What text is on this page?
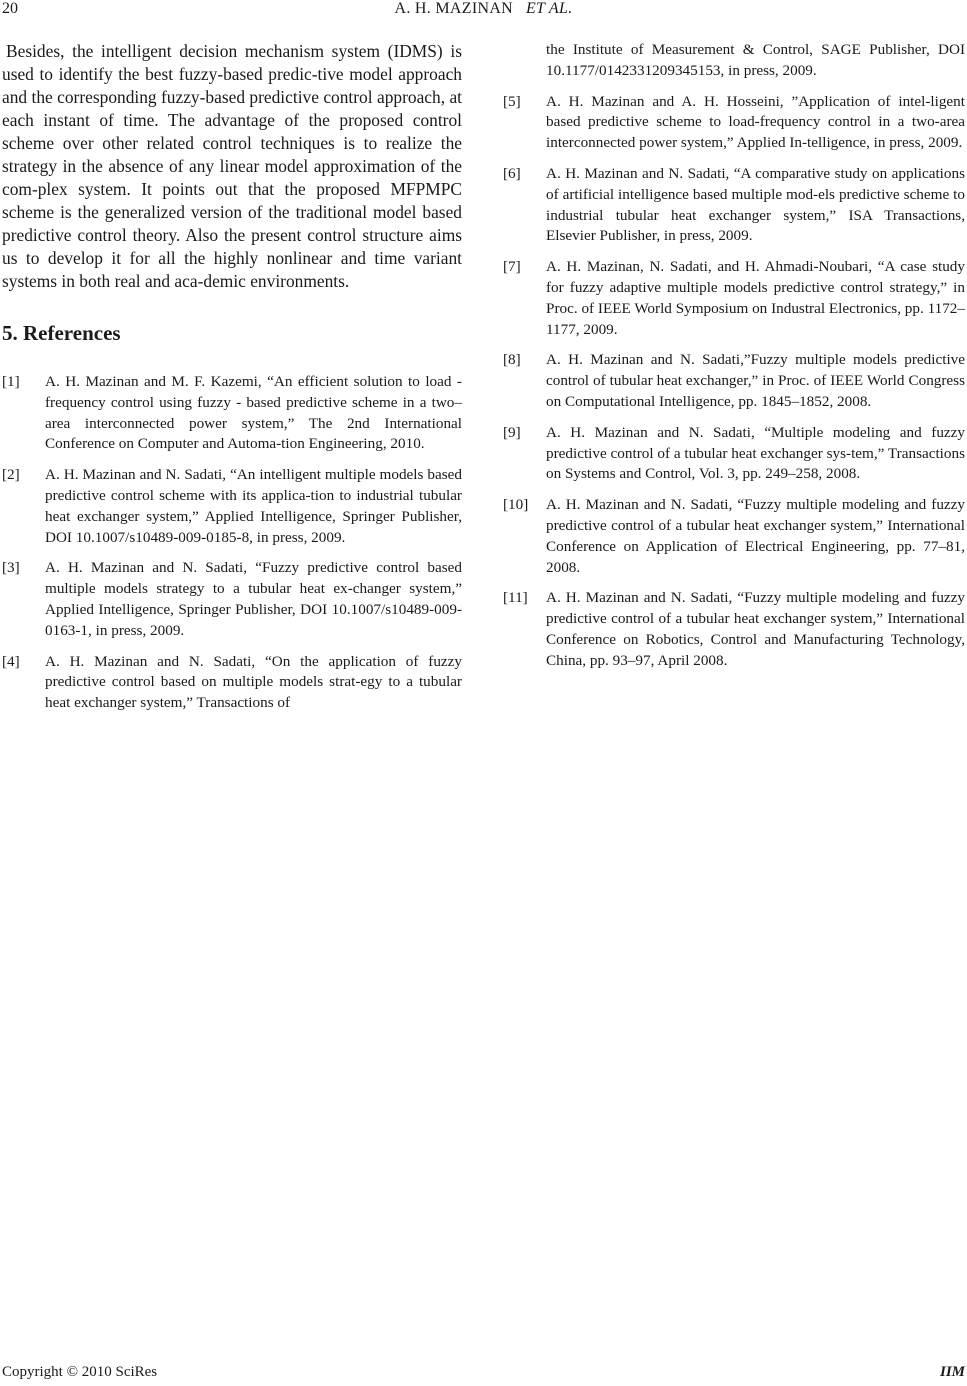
20	A. H. MAZINAN ET AL.

Besides, the intelligent decision mechanism system (IDMS) is used to identify the best fuzzy-based predic-tive model approach and the corresponding fuzzy-based predictive control approach, at each instant of time. The advantage of the proposed control scheme over other related control techniques is to realize the strategy in the absence of any linear model approximation of the com-plex system. It points out that the proposed MFPMPC scheme is the generalized version of the traditional model based predictive control theory. Also the present control structure aims us to develop it for all the highly nonlinear and time variant systems in both real and aca-demic environments.

5. References
[1]	A. H. Mazinan and M. F. Kazemi, “An efficient solution to load - frequency control using fuzzy - based predictive scheme in a two–area interconnected power system,” The 2nd International Conference on Computer and Automa-tion Engineering, 2010.
[2]	A. H. Mazinan and N. Sadati, “An intelligent multiple models based predictive control scheme with its applica-tion to industrial tubular heat exchanger system,” Applied Intelligence, Springer Publisher, DOI 10.1007/s10489-009-0185-8, in press, 2009.
[3]	A. H. Mazinan and N. Sadati, “Fuzzy predictive control based multiple models strategy to a tubular heat ex-changer system,” Applied Intelligence, Springer Publisher, DOI 10.1007/s10489-009-0163-1, in press, 2009.
[4]	A. H. Mazinan and N. Sadati, “On the application of fuzzy predictive control based on multiple models strat-egy to a tubular heat exchanger system,” Transactions of
the Institute of Measurement & Control, SAGE Publisher, DOI 10.1177/0142331209345153, in press, 2009.
[5]	A. H. Mazinan and A. H. Hosseini, ”Application of intel-ligent based predictive scheme to load-frequency control in a two-area interconnected power system,” Applied In-telligence, in press, 2009.
[6]	A. H. Mazinan and N. Sadati, “A comparative study on applications of artificial intelligence based multiple mod-els predictive scheme to industrial tubular heat exchanger system,” ISA Transactions, Elsevier Publisher, in press, 2009.
[7]	A. H. Mazinan, N. Sadati, and H. Ahmadi-Noubari, “A case study for fuzzy adaptive multiple models predictive control strategy,” in Proc. of IEEE World Symposium on Industral Electronics, pp. 1172–1177, 2009.
[8]	A. H. Mazinan and N. Sadati,”Fuzzy multiple models predictive control of tubular heat exchanger,” in Proc. of IEEE World Congress on Computational Intelligence, pp. 1845–1852, 2008.
[9]	A. H. Mazinan and N. Sadati, “Multiple modeling and fuzzy predictive control of a tubular heat exchanger sys-tem,” Transactions on Systems and Control, Vol. 3, pp. 249–258, 2008.
[10]	A. H. Mazinan and N. Sadati, “Fuzzy multiple modeling and fuzzy predictive control of a tubular heat exchanger system,” International Conference on Application of Electrical Engineering, pp. 77–81, 2008.
[11]	A. H. Mazinan and N. Sadati, “Fuzzy multiple modeling and fuzzy predictive control of a tubular heat exchanger system,” International Conference on Robotics, Control and Manufacturing Technology, China, pp. 93–97, April 2008.
Copyright © 2010 SciRes	IIM
